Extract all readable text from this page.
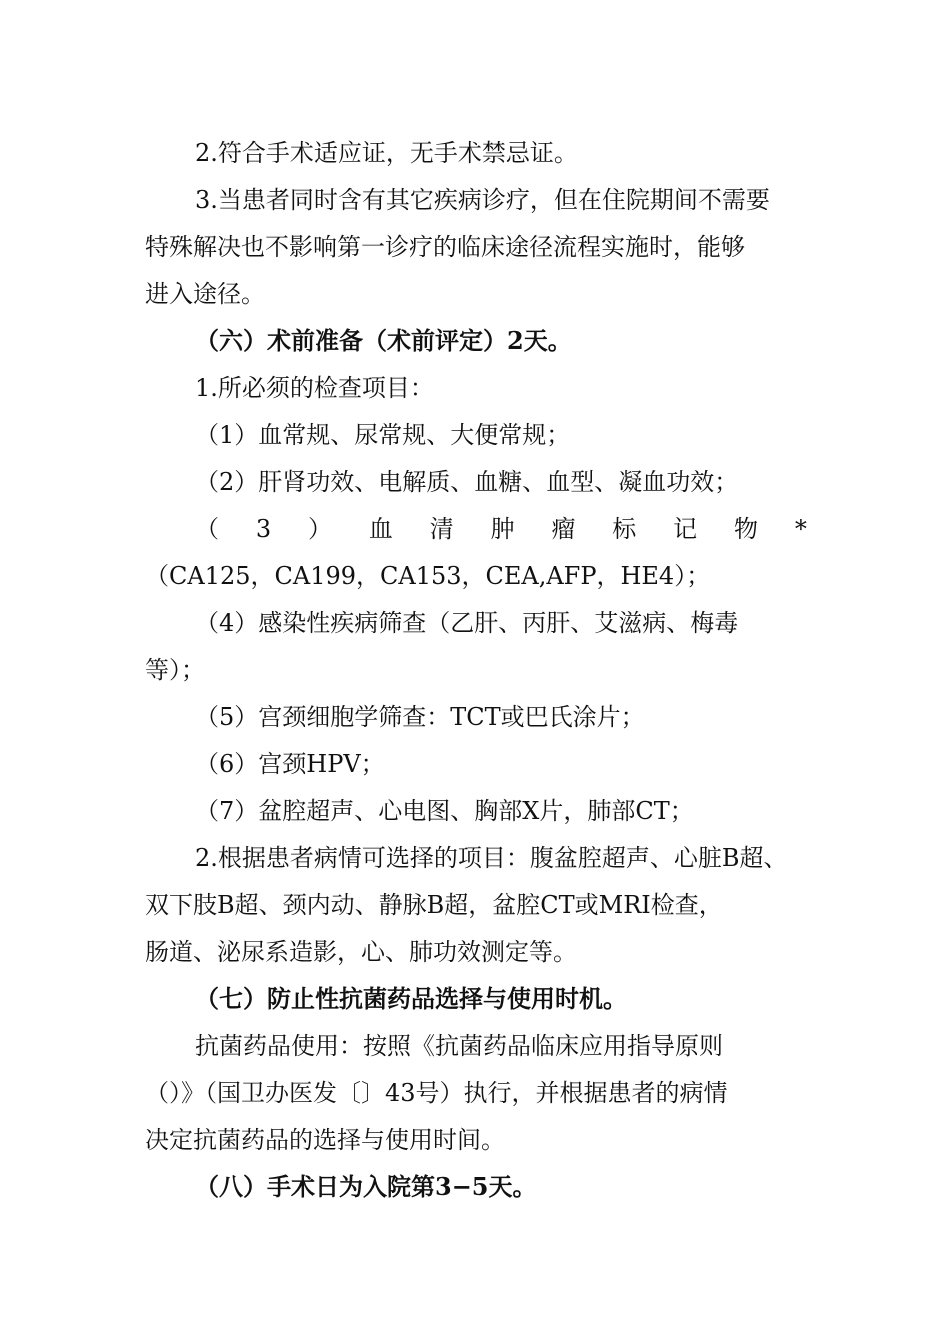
2.符合手术适应证，无手术禁忌证。
3.当患者同时含有其它疾病诊疗，但在住院期间不需要
特殊解决也不影响第一诊疗的临床途径流程实施时，能够
进入途径。
（六）术前准备（术前评定）2天。
1.所必须的检查项目：
（1）血常规、尿常规、大便常规；
（2）肝肾功效、电解质、血糖、血型、凝血功效；
（ 3 ） 血 清 肿 瘤 标 记 物 *
（CA125，CA199，CA153，CEA,AFP，HE4）；
（4）感染性疾病筛查（乙肝、丙肝、艾滋病、梅毒
等）；
（5）宫颈细胞学筛查：TCT或巴氏涂片；
（6）宫颈HPV；
（7）盆腔超声、心电图、胸部X片，肺部CT；
2.根据患者病情可选择的项目：腹盆腔超声、心脏B超、
双下肢B超、颈内动、静脉B超，盆腔CT或MRI检查，
肠道、泌尿系造影，心、肺功效测定等。
（七）防止性抗菌药品选择与使用时机。
抗菌药品使用：按照《抗菌药品临床应用指导原则
（）》（国卫办医发〔〕43号）执行，并根据患者的病情
决定抗菌药品的选择与使用时间。
（八）手术日为入院第3−5天。
